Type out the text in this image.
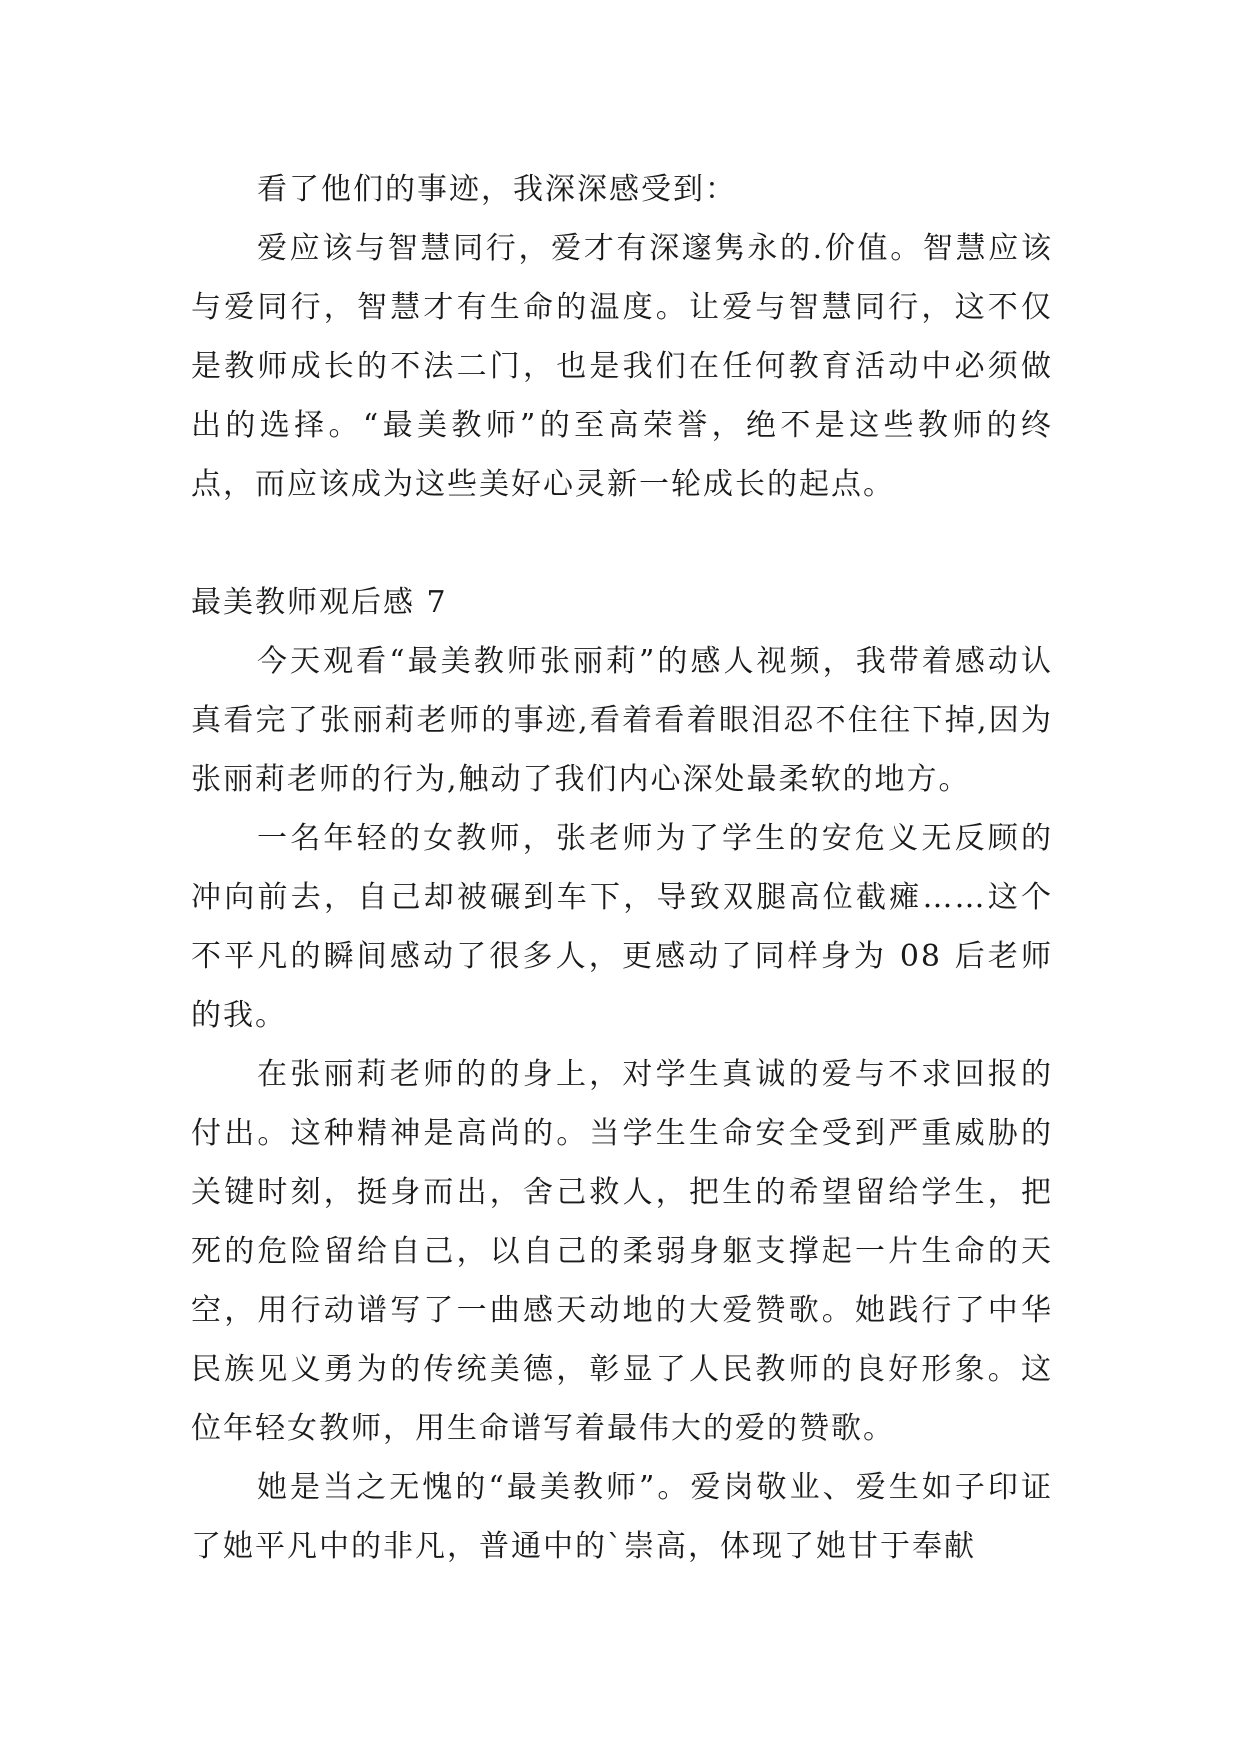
看了他们的事迹，我深深感受到：

爱应该与智慧同行，爱才有深邃隽永的.价值。智慧应该与爱同行，智慧才有生命的温度。让爱与智慧同行，这不仅是教师成长的不法二门，也是我们在任何教育活动中必须做出的选择。“最美教师”的至高荣誉，绝不是这些教师的终点，而应该成为这些美好心灵新一轮成长的起点。

最美教师观后感 7

今天观看“最美教师张丽莉”的感人视频，我带着感动认真看完了张丽莉老师的事迹,看着看着眼泪忍不住往下掉,因为张丽莉老师的行为,触动了我们内心深处最柔软的地方。

一名年轻的女教师，张老师为了学生的安危义无反顾的冲向前去，自己却被碾到车下，导致双腿高位截瘫……这个不平凡的瞬间感动了很多人，更感动了同样身为 08 后老师的我。

在张丽莉老师的的身上，对学生真诚的爱与不求回报的付出。这种精神是高尚的。当学生生命安全受到严重威胁的关键时刻，挺身而出，舍己救人，把生的希望留给学生，把死的危险留给自己，以自己的柔弱身躯支撑起一片生命的天空，用行动谱写了一曲感天动地的大爱赞歌。她践行了中华民族见义勇为的传统美德，彰显了人民教师的良好形象。这位年轻女教师，用生命谱写着最伟大的爱的赞歌。

她是当之无愧的“最美教师”。爱岗敬业、爱生如子印证了她平凡中的非凡，普通中的`崇高，体现了她甘于奉献
